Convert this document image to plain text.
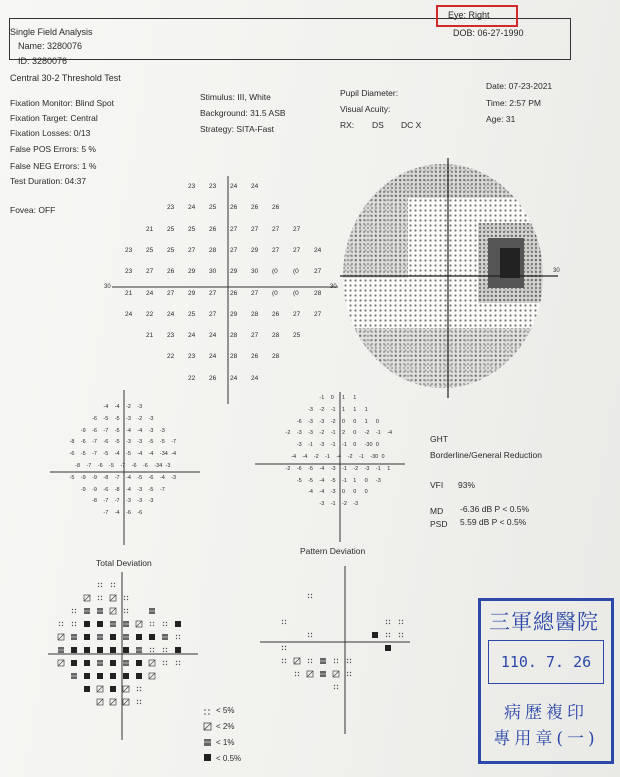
Single Field Analysis
Name: 3280076
ID: 3280076
Eye: Right
DOB: 06-27-1990
Central 30-2 Threshold Test
Fixation Monitor: Blind Spot
Fixation Target: Central
Fixation Losses: 0/13
False POS Errors: 5 %
False NEG Errors: 1 %
Test Duration: 04:37
Fovea: OFF
Stimulus: III, White
Background: 31.5 ASB
Strategy: SITA-Fast
Pupil Diameter:
Visual Acuity:
RX: DS DC X
Date: 07-23-2021
Time: 2:57 PM
Age: 31
30	30
23 23 24 24
23 24 25 26 26 26
21 25 25 26 27 27 27 27
23 25 25 27 28 27 29 27 27 24
23 27 26 29 30 29 30 (0 (0 27
21 24 27 29 27 26 27 (0 (0 28
24 22 24 25 27 29 28 26 27 27
21 23 24 24 28 27 28 25
22 23 24 28 26 28
22 26 24 24
30
-4 -4 -2 -3
-6 -5 -5 -3 -2 -3
-9 -6 -7 -5 -4 -4 -3 -3
-8 -6 -7 -6 -5 -3 -3 -5 -5 -7
-6 -5 -7 -5 -4 -5 -4 -4 -34 -4
-8 -7 -6 -5 -7 -6 -6 -34 -3
-5 -9 -9 -8 -7 -4 -5 -6 -4 -3
-9 -9 -6 -8 -4 -3 -5 -7
-8 -7 -7 -3 -3 -3
-7 -4 -6 -6
-1 0 1 1
-3 -2 -1 1 1 1
-6 -3 -3 -2 0 0 1 0
-2 -3 -3 -2 -1 2 0 -2 -1 -4
-3 -1 -3 -1 -1 0 -30 0
-4 -4 -2 -1 -4 -2 -1 -30 0
-2 -6 -5 -4 -3 -1 -2 -3 -1 1
-5 -5 -4 -5 -1 1 0 -3
-4 -4 -3 0 0 0
-3 -1 -2 -3
GHT
Borderline/General Reduction
VFI 93%
MD -6.36 dB P < 0.5%
PSD 5.59 dB P < 0.5%
Total Deviation
Pattern Deviation
< 5%
< 2%
< 1%
< 0.5%
三軍總醫院
110. 7. 26
病歷複印
專用章(一)
